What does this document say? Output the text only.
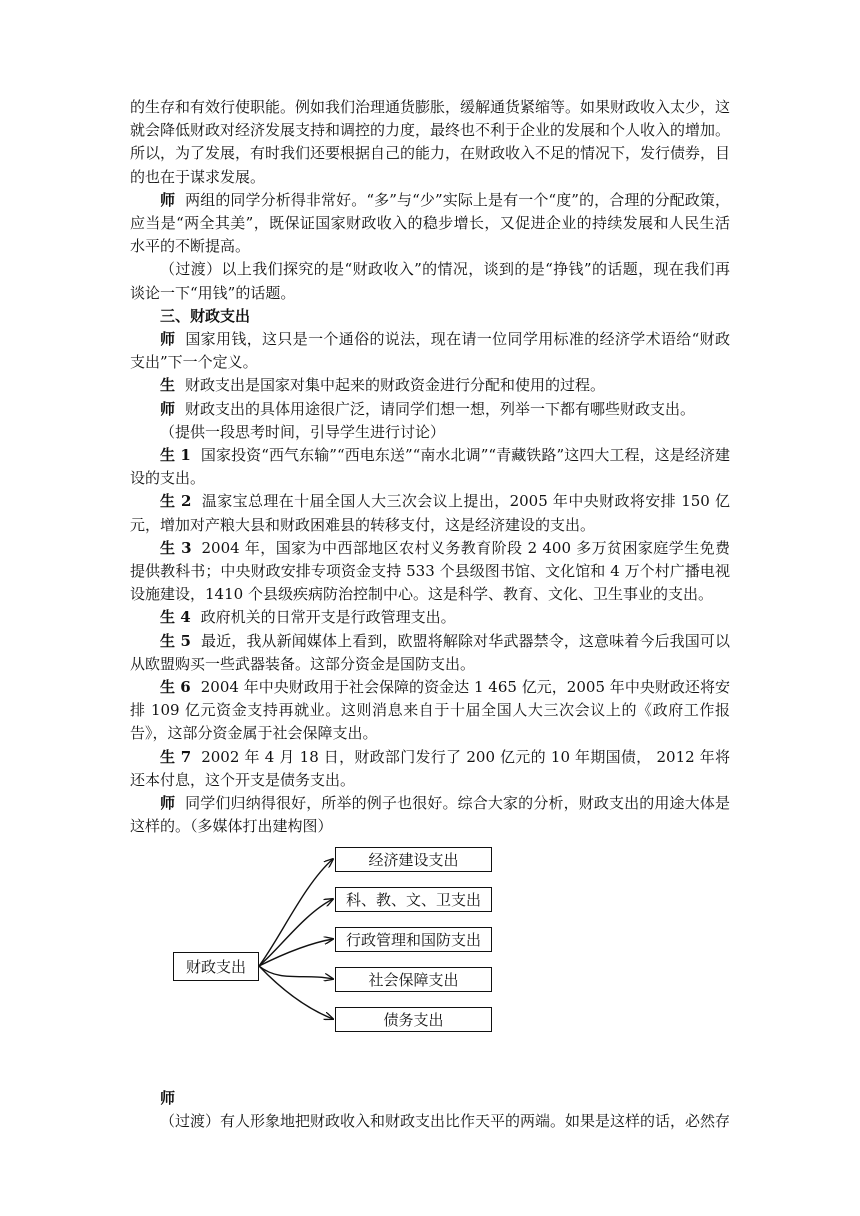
的生存和有效行使职能。例如我们治理通货膨胀，缓解通货紧缩等。如果财政收入太少，这就会降低财政对经济发展支持和调控的力度，最终也不利于企业的发展和个人收入的增加。所以，为了发展，有时我们还要根据自己的能力，在财政收入不足的情况下，发行债券，目的也在于谋求发展。

师 两组的同学分析得非常好。“多”与“少”实际上是有一个“度”的，合理的分配政策，应当是“两全其美”，既保证国家财政收入的稳步增长，又促进企业的持续发展和人民生活水平的不断提高。

（过渡）以上我们探究的是“财政收入”的情况，谈到的是“挣钱”的话题，现在我们再谈论一下“用钱”的话题。

三、财政支出

师 国家用钱，这只是一个通俗的说法，现在请一位同学用标准的经济学术语给“财政支出”下一个定义。

生 财政支出是国家对集中起来的财政资金进行分配和使用的过程。

师 财政支出的具体用途很广泛，请同学们想一想，列举一下都有哪些财政支出。

（提供一段思考时间，引导学生进行讨论）

生 1 国家投资“西气东输”“西电东送”“南水北调”“青藏铁路”这四大工程，这是经济建设的支出。

生 2 温家宝总理在十届全国人大三次会议上提出，2005 年中央财政将安排 150 亿元，增加对产粮大县和财政困难县的转移支付，这是经济建设的支出。

生 3 2004 年，国家为中西部地区农村义务教育阶段 2 400 多万贫困家庭学生免费提供教科书；中央财政安排专项资金支持 533 个县级图书馆、文化馆和 4 万个村广播电视设施建设，1410 个县级疾病防治控制中心。这是科学、教育、文化、卫生事业的支出。

生 4 政府机关的日常开支是行政管理支出。

生 5 最近，我从新闻媒体上看到，欧盟将解除对华武器禁令，这意味着今后我国可以从欧盟购买一些武器装备。这部分资金是国防支出。

生 6 2004 年中央财政用于社会保障的资金达 1 465 亿元，2005 年中央财政还将安排 109 亿元资金支持再就业。这则消息来自于十届全国人大三次会议上的《政府工作报告》，这部分资金属于社会保障支出。

生 7 2002 年 4 月 18 日，财政部门发行了 200 亿元的 10 年期国债， 2012 年将还本付息，这个开支是债务支出。

师 同学们归纳得很好，所举的例子也很好。综合大家的分析，财政支出的用途大体是这样的。（多媒体打出建构图）

财政支出
经济建设支出
科、教、文、卫支出
行政管理和国防支出
社会保障支出
债务支出

师

（过渡）有人形象地把财政收入和财政支出比作天平的两端。如果是这样的话，必然存
